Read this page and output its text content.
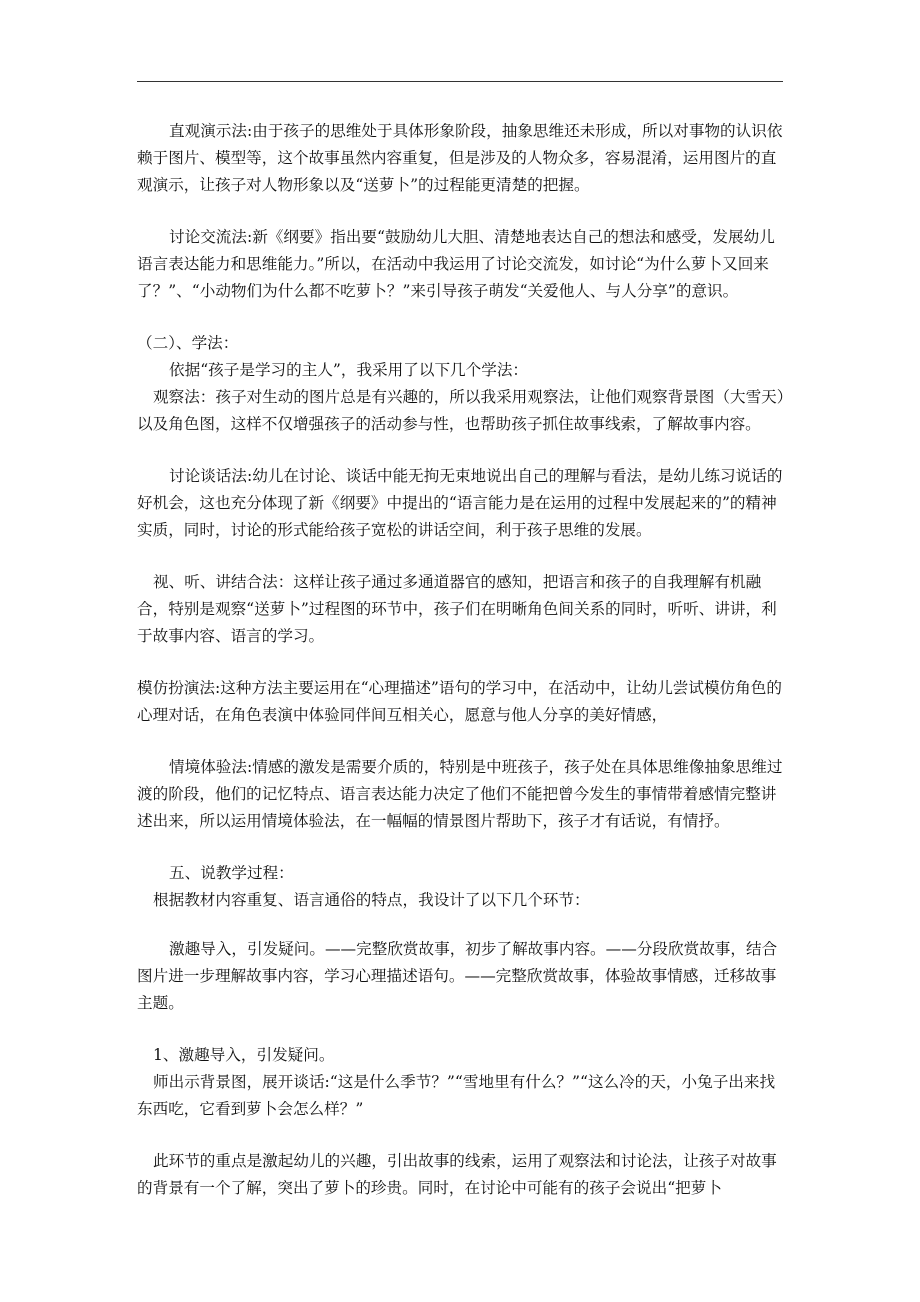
直观演示法:由于孩子的思维处于具体形象阶段，抽象思维还未形成，所以对事物的认识依赖于图片、模型等，这个故事虽然内容重复，但是涉及的人物众多，容易混淆，运用图片的直观演示，让孩子对人物形象以及“送萝卜”的过程能更清楚的把握。

讨论交流法:新《纲要》指出要“鼓励幼儿大胆、清楚地表达自己的想法和感受，发展幼儿语言表达能力和思维能力。”所以，在活动中我运用了讨论交流发，如讨论“为什么萝卜又回来了？”、“小动物们为什么都不吃萝卜？”来引导孩子萌发“关爱他人、与人分享”的意识。

（二）、学法：

依据“孩子是学习的主人”，我采用了以下几个学法：

观察法：孩子对生动的图片总是有兴趣的，所以我采用观察法，让他们观察背景图（大雪天）以及角色图，这样不仅增强孩子的活动参与性，也帮助孩子抓住故事线索，了解故事内容。

讨论谈话法:幼儿在讨论、谈话中能无拘无束地说出自己的理解与看法，是幼儿练习说话的好机会，这也充分体现了新《纲要》中提出的“语言能力是在运用的过程中发展起来的”的精神实质，同时，讨论的形式能给孩子宽松的讲话空间，利于孩子思维的发展。

视、听、讲结合法：这样让孩子通过多通道器官的感知，把语言和孩子的自我理解有机融合，特别是观察“送萝卜”过程图的环节中，孩子们在明晰角色间关系的同时，听听、讲讲，利于故事内容、语言的学习。

模仿扮演法:这种方法主要运用在“心理描述”语句的学习中，在活动中，让幼儿尝试模仿角色的心理对话，在角色表演中体验同伴间互相关心，愿意与他人分享的美好情感，

情境体验法:情感的激发是需要介质的，特别是中班孩子，孩子处在具体思维像抽象思维过渡的阶段，他们的记忆特点、语言表达能力决定了他们不能把曾今发生的事情带着感情完整讲述出来，所以运用情境体验法，在一幅幅的情景图片帮助下，孩子才有话说，有情抒。

五、说教学过程：

根据教材内容重复、语言通俗的特点，我设计了以下几个环节：

激趣导入，引发疑问。——完整欣赏故事，初步了解故事内容。——分段欣赏故事，结合图片进一步理解故事内容，学习心理描述语句。——完整欣赏故事，体验故事情感，迁移故事主题。

1、激趣导入，引发疑问。

师出示背景图，展开谈话:“这是什么季节？”“雪地里有什么？”“这么冷的天，小兔子出来找东西吃，它看到萝卜会怎么样？”

此环节的重点是激起幼儿的兴趣，引出故事的线索，运用了观察法和讨论法，让孩子对故事的背景有一个了解，突出了萝卜的珍贵。同时，在讨论中可能有的孩子会说出“把萝卜
